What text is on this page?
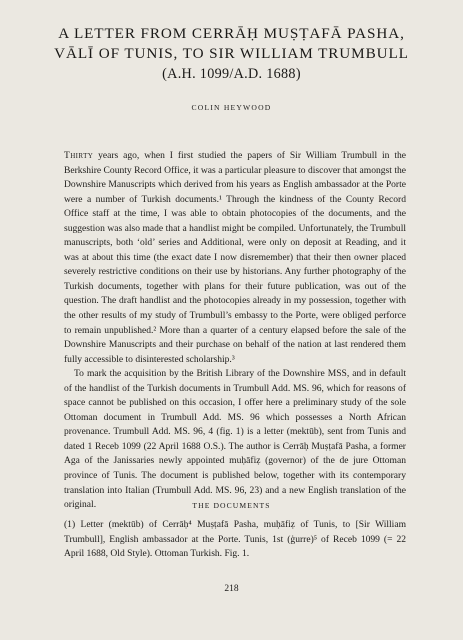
A LETTER FROM CERRĀḤ MUṢṬAFĀ PASHA,
VĀLĪ OF TUNIS, TO SIR WILLIAM TRUMBULL
(A.H. 1099/A.D. 1688)
COLIN HEYWOOD

Thirty years ago, when I first studied the papers of Sir William Trumbull in the Berkshire County Record Office, it was a particular pleasure to discover that amongst the Downshire Manuscripts which derived from his years as English ambassador at the Porte were a number of Turkish documents.¹ Through the kindness of the County Record Office staff at the time, I was able to obtain photocopies of the documents, and the suggestion was also made that a handlist might be compiled. Unfortunately, the Trumbull manuscripts, both ‘old’ series and Additional, were only on deposit at Reading, and it was at about this time (the exact date I now disremember) that their then owner placed severely restrictive conditions on their use by historians. Any further photography of the Turkish documents, together with plans for their future publication, was out of the question. The draft handlist and the photocopies already in my possession, together with the other results of my study of Trumbull’s embassy to the Porte, were obliged perforce to remain unpublished.² More than a quarter of a century elapsed before the sale of the Downshire Manuscripts and their purchase on behalf of the nation at last rendered them fully accessible to disinterested scholarship.³

To mark the acquisition by the British Library of the Downshire MSS, and in default of the handlist of the Turkish documents in Trumbull Add. MS. 96, which for reasons of space cannot be published on this occasion, I offer here a preliminary study of the sole Ottoman document in Trumbull Add. MS. 96 which possesses a North African provenance. Trumbull Add. MS. 96, 4 (fig. 1) is a letter (mektūb), sent from Tunis and dated 1 Receb 1099 (22 April 1688 O.S.). The author is Cerrāḥ Muṣṭafā Pasha, a former Aga of the Janissaries newly appointed muḥāfiẓ (governor) of the de jure Ottoman province of Tunis. The document is published below, together with its contemporary translation into Italian (Trumbull Add. MS. 96, 23) and a new English translation of the original.	THE DOCUMENTS

(1) Letter (mektūb) of Cerrāḥ⁴ Muṣṭafā Pasha, muḥāfiẓ of Tunis, to [Sir William Trumbull], English ambassador at the Porte. Tunis, 1st (ġurre)⁵ of Receb 1099 (= 22 April 1688, Old Style). Ottoman Turkish. Fig. 1.

218
